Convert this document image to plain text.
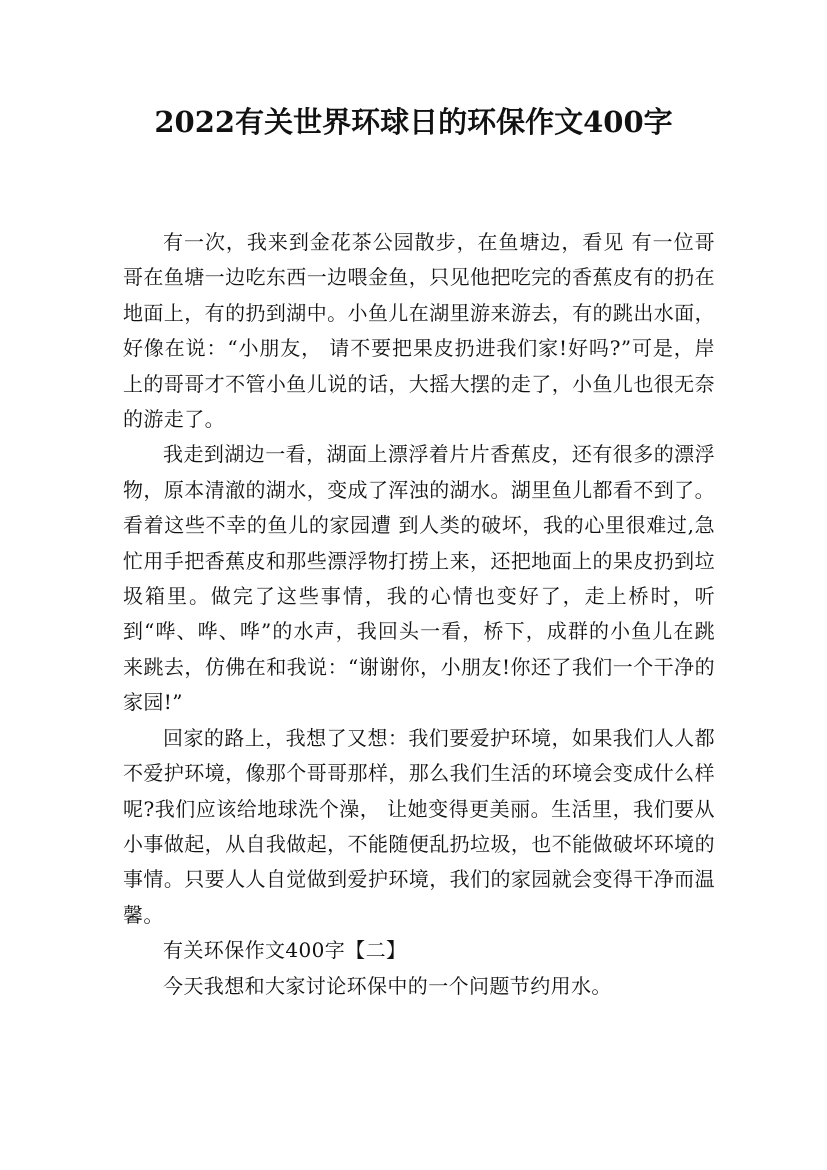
2022有关世界环球日的环保作文400字

有一次，我来到金花茶公园散步，在鱼塘边，看见 有一位哥哥在鱼塘一边吃东西一边喂金鱼，只见他把吃完的香蕉皮有的扔在地面上，有的扔到湖中。小鱼儿在湖里游来游去，有的跳出水面，好像在说：“小朋友， 请不要把果皮扔进我们家!好吗?”可是，岸上的哥哥才不管小鱼儿说的话，大摇大摆的走了，小鱼儿也很无奈的游走了。

我走到湖边一看，湖面上漂浮着片片香蕉皮，还有很多的漂浮物，原本清澈的湖水，变成了浑浊的湖水。湖里鱼儿都看不到了。看着这些不幸的鱼儿的家园遭 到人类的破坏，我的心里很难过,急忙用手把香蕉皮和那些漂浮物打捞上来，还把地面上的果皮扔到垃圾箱里。做完了这些事情，我的心情也变好了，走上桥时，听 到“哗、哗、哗”的水声，我回头一看，桥下，成群的小鱼儿在跳来跳去，仿佛在和我说：“谢谢你，小朋友!你还了我们一个干净的家园!”

回家的路上，我想了又想：我们要爱护环境，如果我们人人都不爱护环境，像那个哥哥那样，那么我们生活的环境会变成什么样呢?我们应该给地球洗个澡， 让她变得更美丽。生活里，我们要从小事做起，从自我做起，不能随便乱扔垃圾，也不能做破坏环境的事情。只要人人自觉做到爱护环境，我们的家园就会变得干净而温馨。

有关环保作文400字【二】

今天我想和大家讨论环保中的一个问题节约用水。
